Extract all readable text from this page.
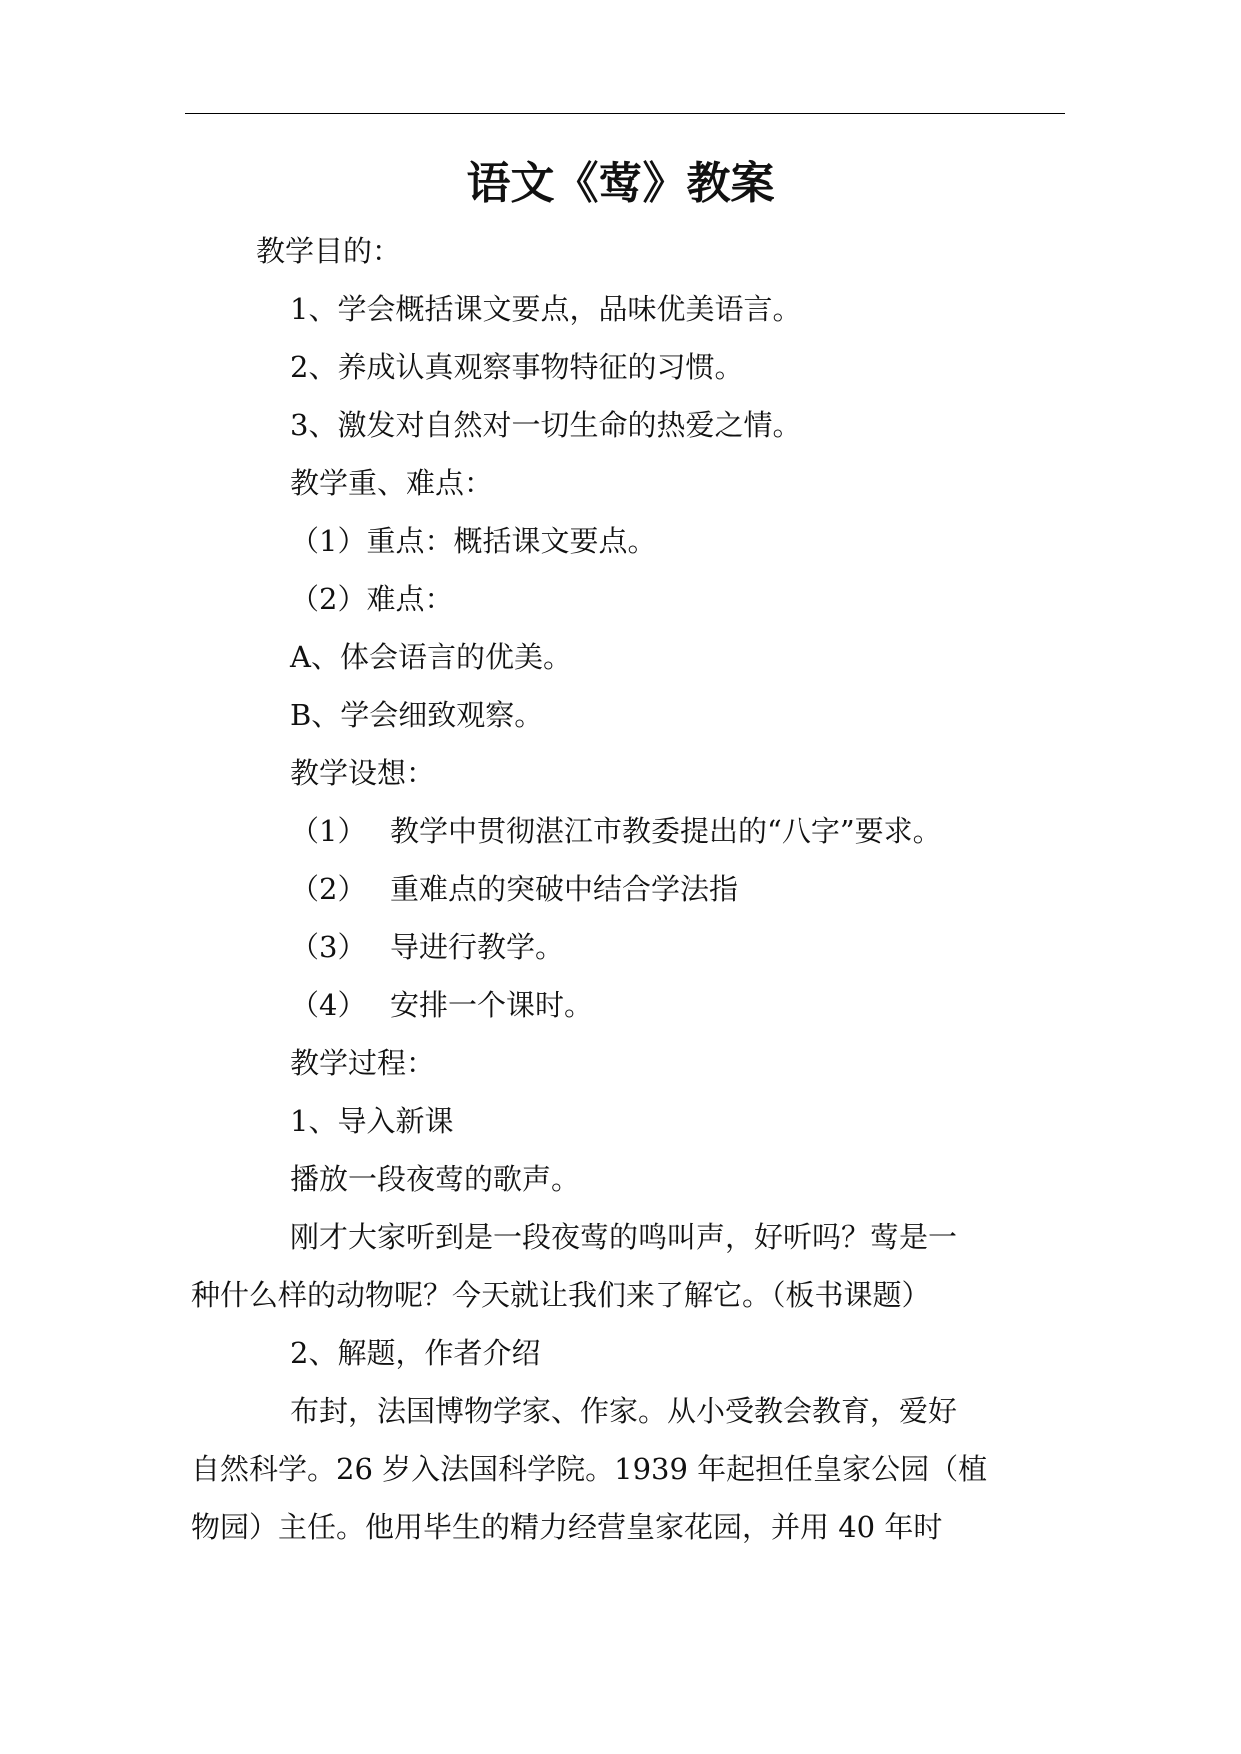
语文《莺》教案
教学目的：
1、学会概括课文要点，品味优美语言。
2、养成认真观察事物特征的习惯。
3、激发对自然对一切生命的热爱之情。
教学重、难点：
（1）重点：概括课文要点。
（2）难点：
A、体会语言的优美。
B、学会细致观察。
教学设想：
（1） 教学中贯彻湛江市教委提出的“八字”要求。
（2） 重难点的突破中结合学法指
（3） 导进行教学。
（4） 安排一个课时。
教学过程：
1、导入新课
播放一段夜莺的歌声。
刚才大家听到是一段夜莺的鸣叫声，好听吗？莺是一
种什么样的动物呢？今天就让我们来了解它。（板书课题）
2、解题，作者介绍
布封，法国博物学家、作家。从小受教会教育，爱好
自然科学。26 岁入法国科学院。1939 年起担任皇家公园（植
物园）主任。他用毕生的精力经营皇家花园，并用 40 年时
